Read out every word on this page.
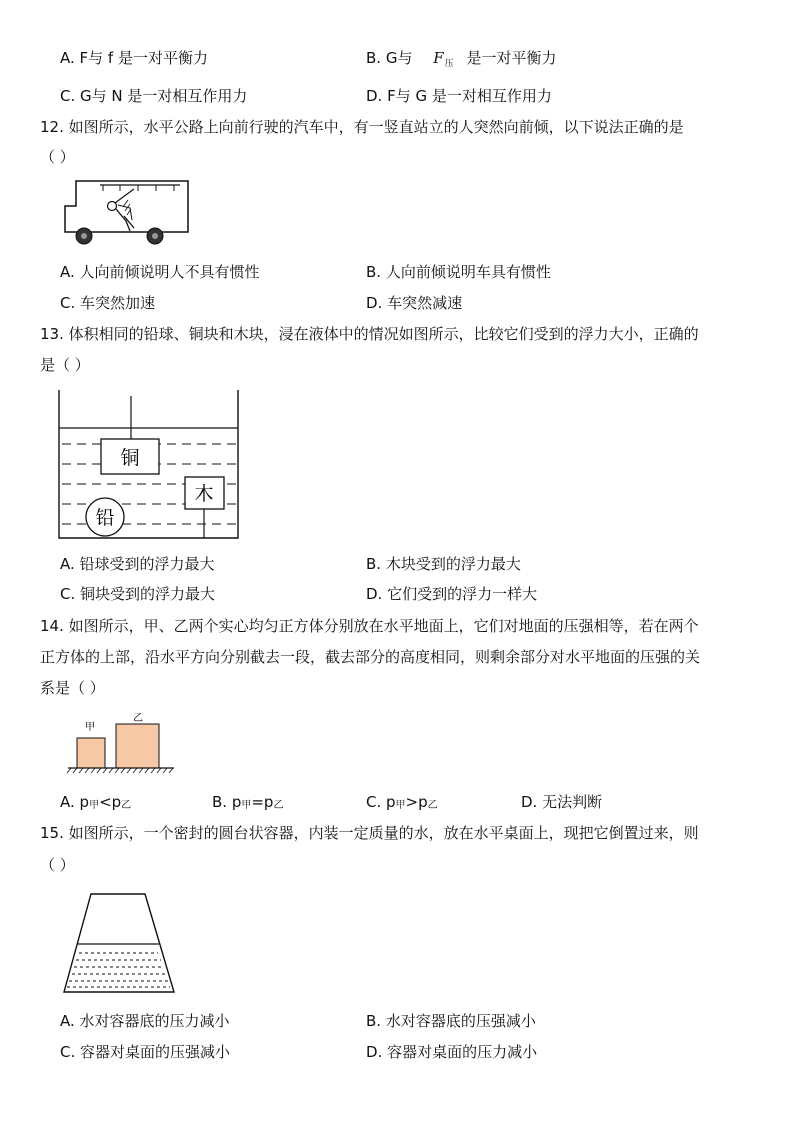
A. F与 f 是一对平衡力	B. G与 $F_压$ 是一对平衡力
C. G与 N 是一对相互作用力	D. F与 G 是一对相互作用力
12. 如图所示，水平公路上向前行驶的汽车中，有一竖直站立的人突然向前倾，以下说法正确的是
（ ）
A. 人向前倾说明人不具有惯性	B. 人向前倾说明车具有惯性
C. 车突然加速	D. 车突然减速
13. 体积相同的铅球、铜块和木块，浸在液体中的情况如图所示，比较它们受到的浮力大小，正确的
是（ ）
铜
木
铅
A. 铅球受到的浮力最大	B. 木块受到的浮力最大
C. 铜块受到的浮力最大	D. 它们受到的浮力一样大
14. 如图所示，甲、乙两个实心均匀正方体分别放在水平地面上，它们对地面的压强相等，若在两个
正方体的上部，沿水平方向分别截去一段，截去部分的高度相同，则剩余部分对水平地面的压强的关
系是（ ）
甲
乙
A. p甲<p乙	B. p甲=p乙	C. p甲>p乙	D. 无法判断
15. 如图所示，一个密封的圆台状容器，内装一定质量的水，放在水平桌面上，现把它倒置过来，则
（ ）
A. 水对容器底的压力减小	B. 水对容器底的压强减小
C. 容器对桌面的压强减小	D. 容器对桌面的压力减小
